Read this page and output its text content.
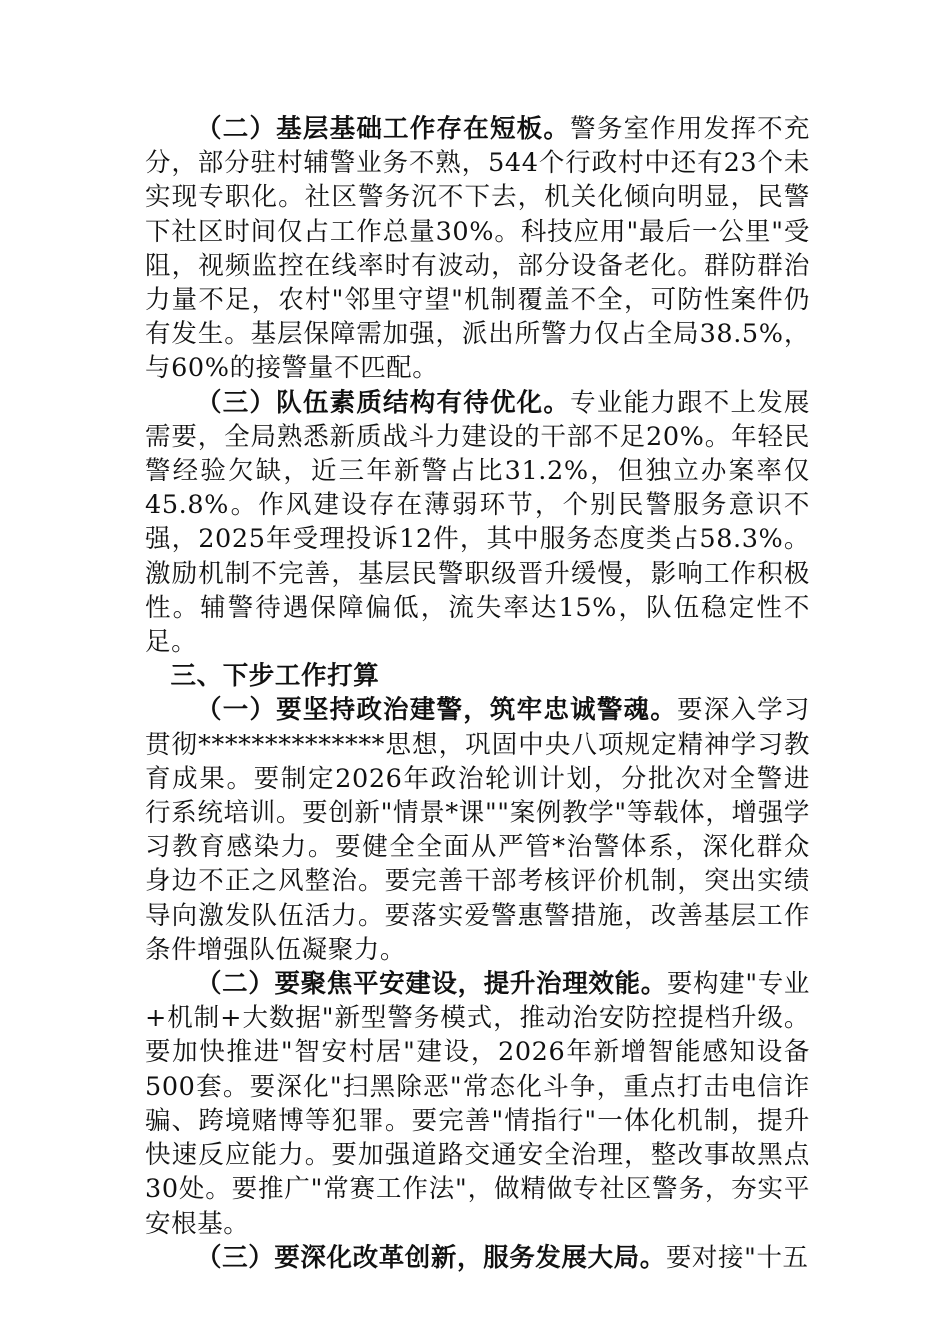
（二）基层基础工作存在短板。警务室作用发挥不充分，部分驻村辅警业务不熟，544个行政村中还有23个未实现专职化。社区警务沉不下去，机关化倾向明显，民警下社区时间仅占工作总量30%。科技应用"最后一公里"受阻，视频监控在线率时有波动，部分设备老化。群防群治力量不足，农村"邻里守望"机制覆盖不全，可防性案件仍有发生。基层保障需加强，派出所警力仅占全局38.5%，与60%的接警量不匹配。

（三）队伍素质结构有待优化。专业能力跟不上发展需要，全局熟悉新质战斗力建设的干部不足20%。年轻民警经验欠缺，近三年新警占比31.2%，但独立办案率仅45.8%。作风建设存在薄弱环节，个别民警服务意识不强，2025年受理投诉12件，其中服务态度类占58.3%。激励机制不完善，基层民警职级晋升缓慢，影响工作积极性。辅警待遇保障偏低，流失率达15%，队伍稳定性不足。

三、下步工作打算

（一）要坚持政治建警，筑牢忠诚警魂。要深入学习贯彻**************思想，巩固中央八项规定精神学习教育成果。要制定2026年政治轮训计划，分批次对全警进行系统培训。要创新"情景*课""案例教学"等载体，增强学习教育感染力。要健全全面从严管*治警体系，深化群众身边不正之风整治。要完善干部考核评价机制，突出实绩导向激发队伍活力。要落实爱警惠警措施，改善基层工作条件增强队伍凝聚力。

（二）要聚焦平安建设，提升治理效能。要构建"专业+机制+大数据"新型警务模式，推动治安防控提档升级。要加快推进"智安村居"建设，2026年新增智能感知设备500套。要深化"扫黑除恶"常态化斗争，重点打击电信诈骗、跨境赌博等犯罪。要完善"情指行"一体化机制，提升快速反应能力。要加强道路交通安全治理，整改事故黑点30处。要推广"常赛工作法"，做精做专社区警务，夯实平安根基。

（三）要深化改革创新，服务发展大局。要对接"十五
